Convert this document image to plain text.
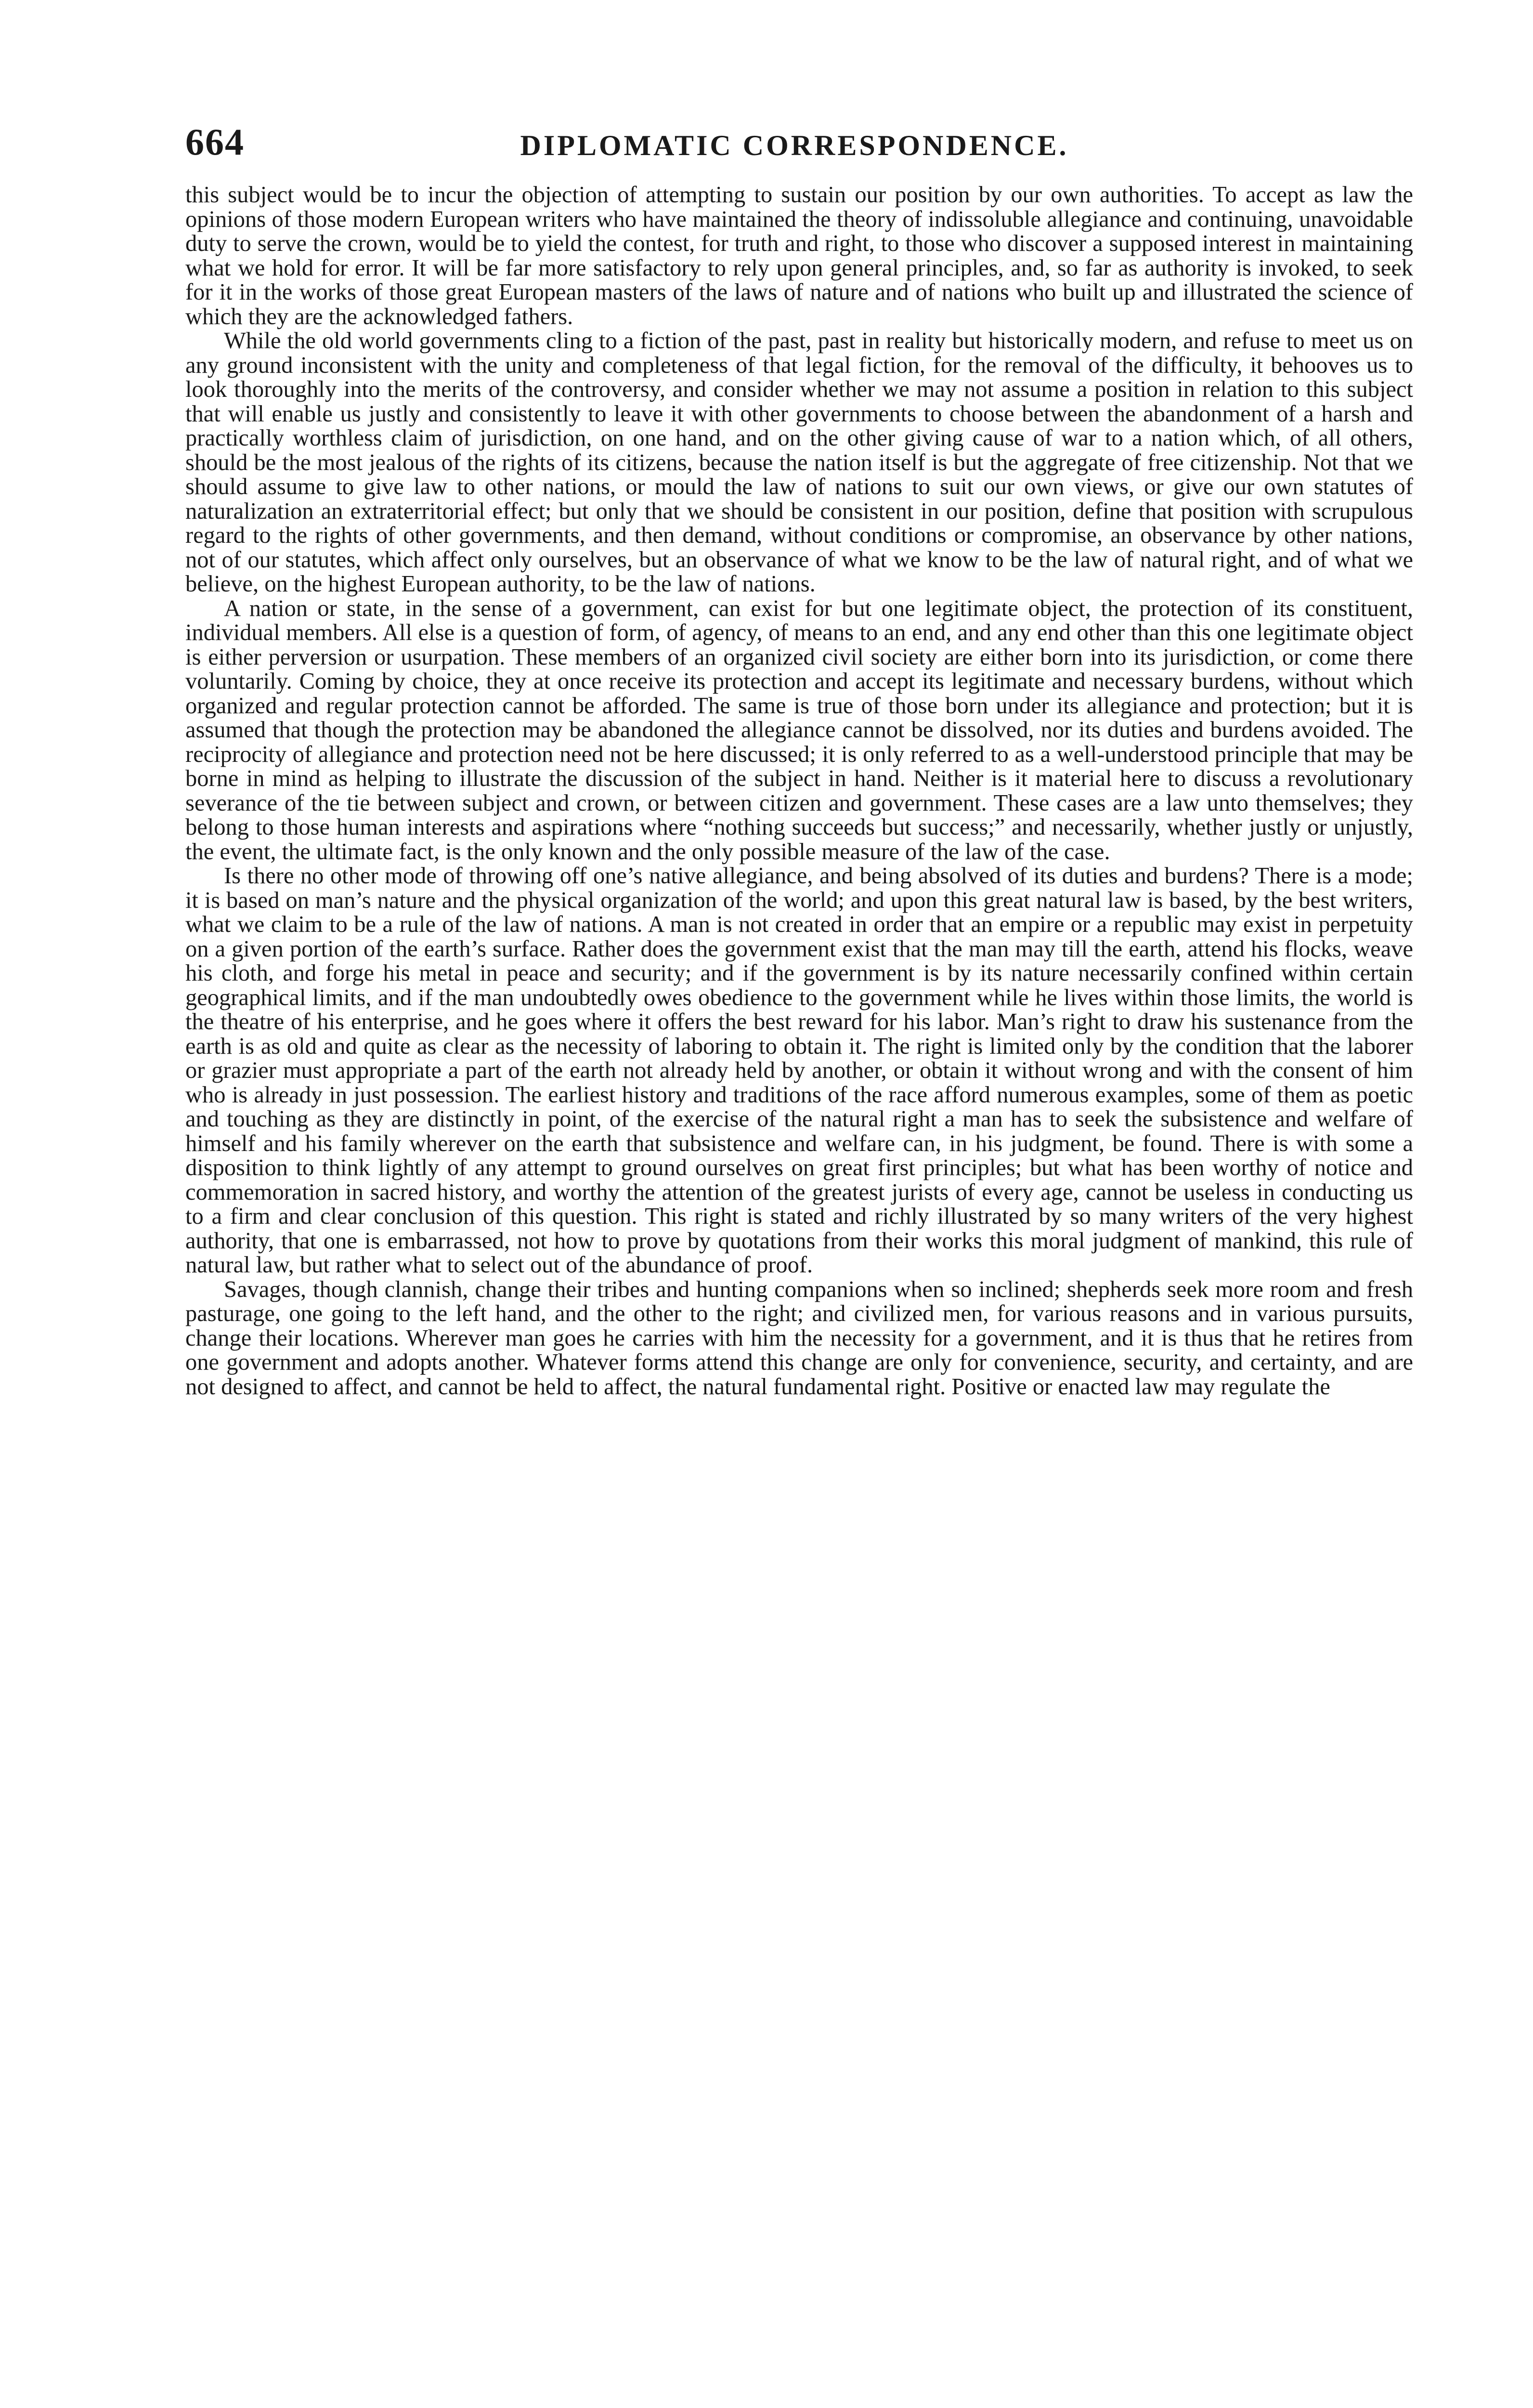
664	DIPLOMATIC CORRESPONDENCE.

this subject would be to incur the objection of attempting to sustain our position by our own authorities. To accept as law the opinions of those modern European writers who have maintained the theory of indissoluble allegiance and continuing, unavoidable duty to serve the crown, would be to yield the contest, for truth and right, to those who discover a supposed interest in maintaining what we hold for error. It will be far more satisfactory to rely upon general principles, and, so far as authority is invoked, to seek for it in the works of those great European masters of the laws of nature and of nations who built up and illustrated the science of which they are the acknowledged fathers.

While the old world governments cling to a fiction of the past, past in reality but historically modern, and refuse to meet us on any ground inconsistent with the unity and completeness of that legal fiction, for the removal of the difficulty, it behooves us to look thoroughly into the merits of the controversy, and consider whether we may not assume a position in relation to this subject that will enable us justly and consistently to leave it with other governments to choose between the abandonment of a harsh and practically worthless claim of jurisdiction, on one hand, and on the other giving cause of war to a nation which, of all others, should be the most jealous of the rights of its citizens, because the nation itself is but the aggregate of free citizenship. Not that we should assume to give law to other nations, or mould the law of nations to suit our own views, or give our own statutes of naturalization an extraterritorial effect; but only that we should be consistent in our position, define that position with scrupulous regard to the rights of other governments, and then demand, without conditions or compromise, an observance by other nations, not of our statutes, which affect only ourselves, but an observance of what we know to be the law of natural right, and of what we believe, on the highest European authority, to be the law of nations.

A nation or state, in the sense of a government, can exist for but one legitimate object, the protection of its constituent, individual members. All else is a question of form, of agency, of means to an end, and any end other than this one legitimate object is either perversion or usurpation. These members of an organized civil society are either born into its jurisdiction, or come there voluntarily. Coming by choice, they at once receive its protection and accept its legitimate and necessary burdens, without which organized and regular protection cannot be afforded. The same is true of those born under its allegiance and protection; but it is assumed that though the protection may be abandoned the allegiance cannot be dissolved, nor its duties and burdens avoided. The reciprocity of allegiance and protection need not be here discussed; it is only referred to as a well-understood principle that may be borne in mind as helping to illustrate the discussion of the subject in hand. Neither is it material here to discuss a revolutionary severance of the tie between subject and crown, or between citizen and government. These cases are a law unto themselves; they belong to those human interests and aspirations where “nothing succeeds but success;” and necessarily, whether justly or unjustly, the event, the ultimate fact, is the only known and the only possible measure of the law of the case.

Is there no other mode of throwing off one’s native allegiance, and being absolved of its duties and burdens? There is a mode; it is based on man’s nature and the physical organization of the world; and upon this great natural law is based, by the best writers, what we claim to be a rule of the law of nations. A man is not created in order that an empire or a republic may exist in perpetuity on a given portion of the earth’s surface. Rather does the government exist that the man may till the earth, attend his flocks, weave his cloth, and forge his metal in peace and security; and if the government is by its nature necessarily confined within certain geographical limits, and if the man undoubtedly owes obedience to the government while he lives within those limits, the world is the theatre of his enterprise, and he goes where it offers the best reward for his labor. Man’s right to draw his sustenance from the earth is as old and quite as clear as the necessity of laboring to obtain it. The right is limited only by the condition that the laborer or grazier must appropriate a part of the earth not already held by another, or obtain it without wrong and with the consent of him who is already in just possession. The earliest history and traditions of the race afford numerous examples, some of them as poetic and touching as they are distinctly in point, of the exercise of the natural right a man has to seek the subsistence and welfare of himself and his family wherever on the earth that subsistence and welfare can, in his judgment, be found. There is with some a disposition to think lightly of any attempt to ground ourselves on great first principles; but what has been worthy of notice and commemoration in sacred history, and worthy the attention of the greatest jurists of every age, cannot be useless in conducting us to a firm and clear conclusion of this question. This right is stated and richly illustrated by so many writers of the very highest authority, that one is embarrassed, not how to prove by quotations from their works this moral judgment of mankind, this rule of natural law, but rather what to select out of the abundance of proof.

Savages, though clannish, change their tribes and hunting companions when so inclined; shepherds seek more room and fresh pasturage, one going to the left hand, and the other to the right; and civilized men, for various reasons and in various pursuits, change their locations. Wherever man goes he carries with him the necessity for a government, and it is thus that he retires from one government and adopts another. Whatever forms attend this change are only for convenience, security, and certainty, and are not designed to affect, and cannot be held to affect, the natural fundamental right. Positive or enacted law may regulate the
